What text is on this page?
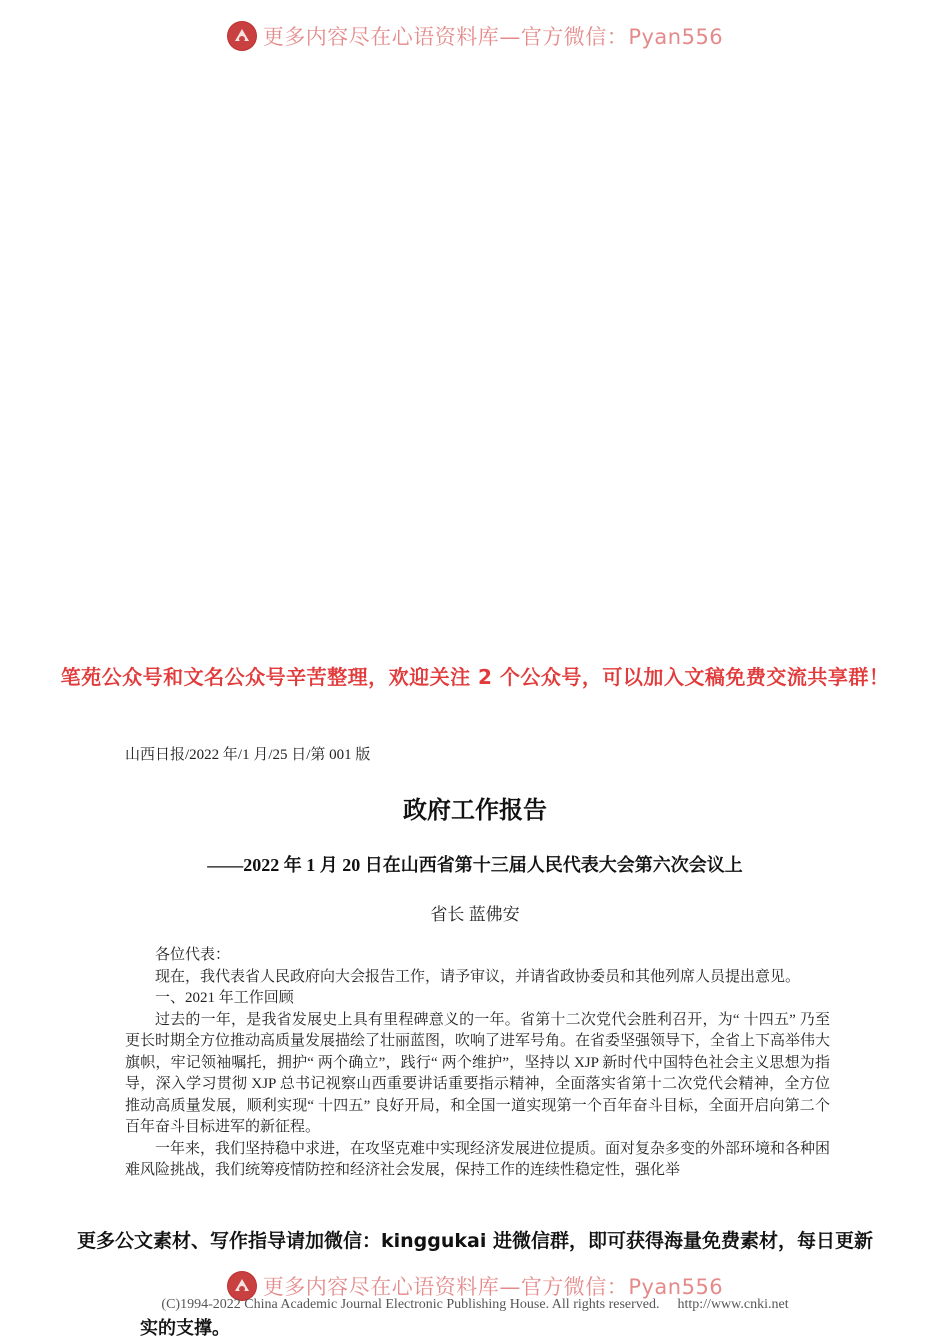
更多内容尽在心语资料库—官方微信：Pyan556
笔苑公众号和文名公众号辛苦整理，欢迎关注 2 个公众号，可以加入文稿免费交流共享群！
山西日报/2022 年/1 月/25 日/第 001 版
政府工作报告
——2022 年 1 月 20 日在山西省第十三届人民代表大会第六次会议上
省长 蓝佛安

各位代表：

现在，我代表省人民政府向大会报告工作，请予审议，并请省政协委员和其他列席人员提出意见。

一、2021 年工作回顾

过去的一年，是我省发展史上具有里程碑意义的一年。省第十二次党代会胜利召开，为“ 十四五” 乃至更长时期全方位推动高质量发展描绘了壮丽蓝图，吹响了进军号角。在省委坚强领导下，全省上下高举伟大旗帜，牢记领袖嘱托，拥护“ 两个确立”，践行“ 两个维护”，坚持以 XJP 新时代中国特色社会主义思想为指导，深入学习贯彻 XJP 总书记视察山西重要讲话重要指示精神，全面落实省第十二次党代会精神，全方位推动高质量发展，顺利实现“ 十四五” 良好开局，和全国一道实现第一个百年奋斗目标，全面开启向第二个百年奋斗目标进军的新征程。

一年来，我们坚持稳中求进，在攻坚克难中实现经济发展进位提质。面对复杂多变的外部环境和各种困难风险挑战，我们统筹疫情防控和经济社会发展，保持工作的连续性稳定性，强化举

实的支撑。
更多公文素材、写作指导请加微信：kinggukai 进微信群，即可获得海量免费素材，每日更新
更多内容尽在心语资料库—官方微信：Pyan556
(C)1994-2022 China Academic Journal Electronic Publishing House. All rights reserved. http://www.cnki.net
